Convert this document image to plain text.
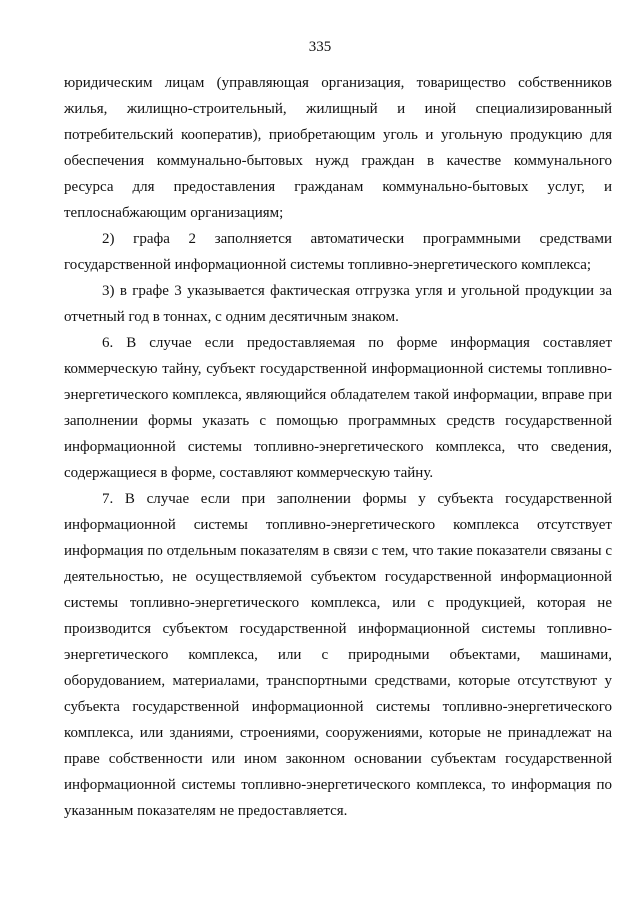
335

юридическим лицам (управляющая организация, товарищество собственников жилья, жилищно-строительный, жилищный и иной специализированный потребительский кооператив), приобретающим уголь и угольную продукцию для обеспечения коммунально-бытовых нужд граждан в качестве коммунального ресурса для предоставления гражданам коммунально-бытовых услуг, и теплоснабжающим организациям;

2) графа 2 заполняется автоматически программными средствами государственной информационной системы топливно-энергетического комплекса;

3) в графе 3 указывается фактическая отгрузка угля и угольной продукции за отчетный год в тоннах, с одним десятичным знаком.

6. В случае если предоставляемая по форме информация составляет коммерческую тайну, субъект государственной информационной системы топливно-энергетического комплекса, являющийся обладателем такой информации, вправе при заполнении формы указать с помощью программных средств государственной информационной системы топливно-энергетического комплекса, что сведения, содержащиеся в форме, составляют коммерческую тайну.

7. В случае если при заполнении формы у субъекта государственной информационной системы топливно-энергетического комплекса отсутствует информация по отдельным показателям в связи с тем, что такие показатели связаны с деятельностью, не осуществляемой субъектом государственной информационной системы топливно-энергетического комплекса, или с продукцией, которая не производится субъектом государственной информационной системы топливно-энергетического комплекса, или с природными объектами, машинами, оборудованием, материалами, транспортными средствами, которые отсутствуют у субъекта государственной информационной системы топливно-энергетического комплекса, или зданиями, строениями, сооружениями, которые не принадлежат на праве собственности или ином законном основании субъектам государственной информационной системы топливно-энергетического комплекса, то информация по указанным показателям не предоставляется.
